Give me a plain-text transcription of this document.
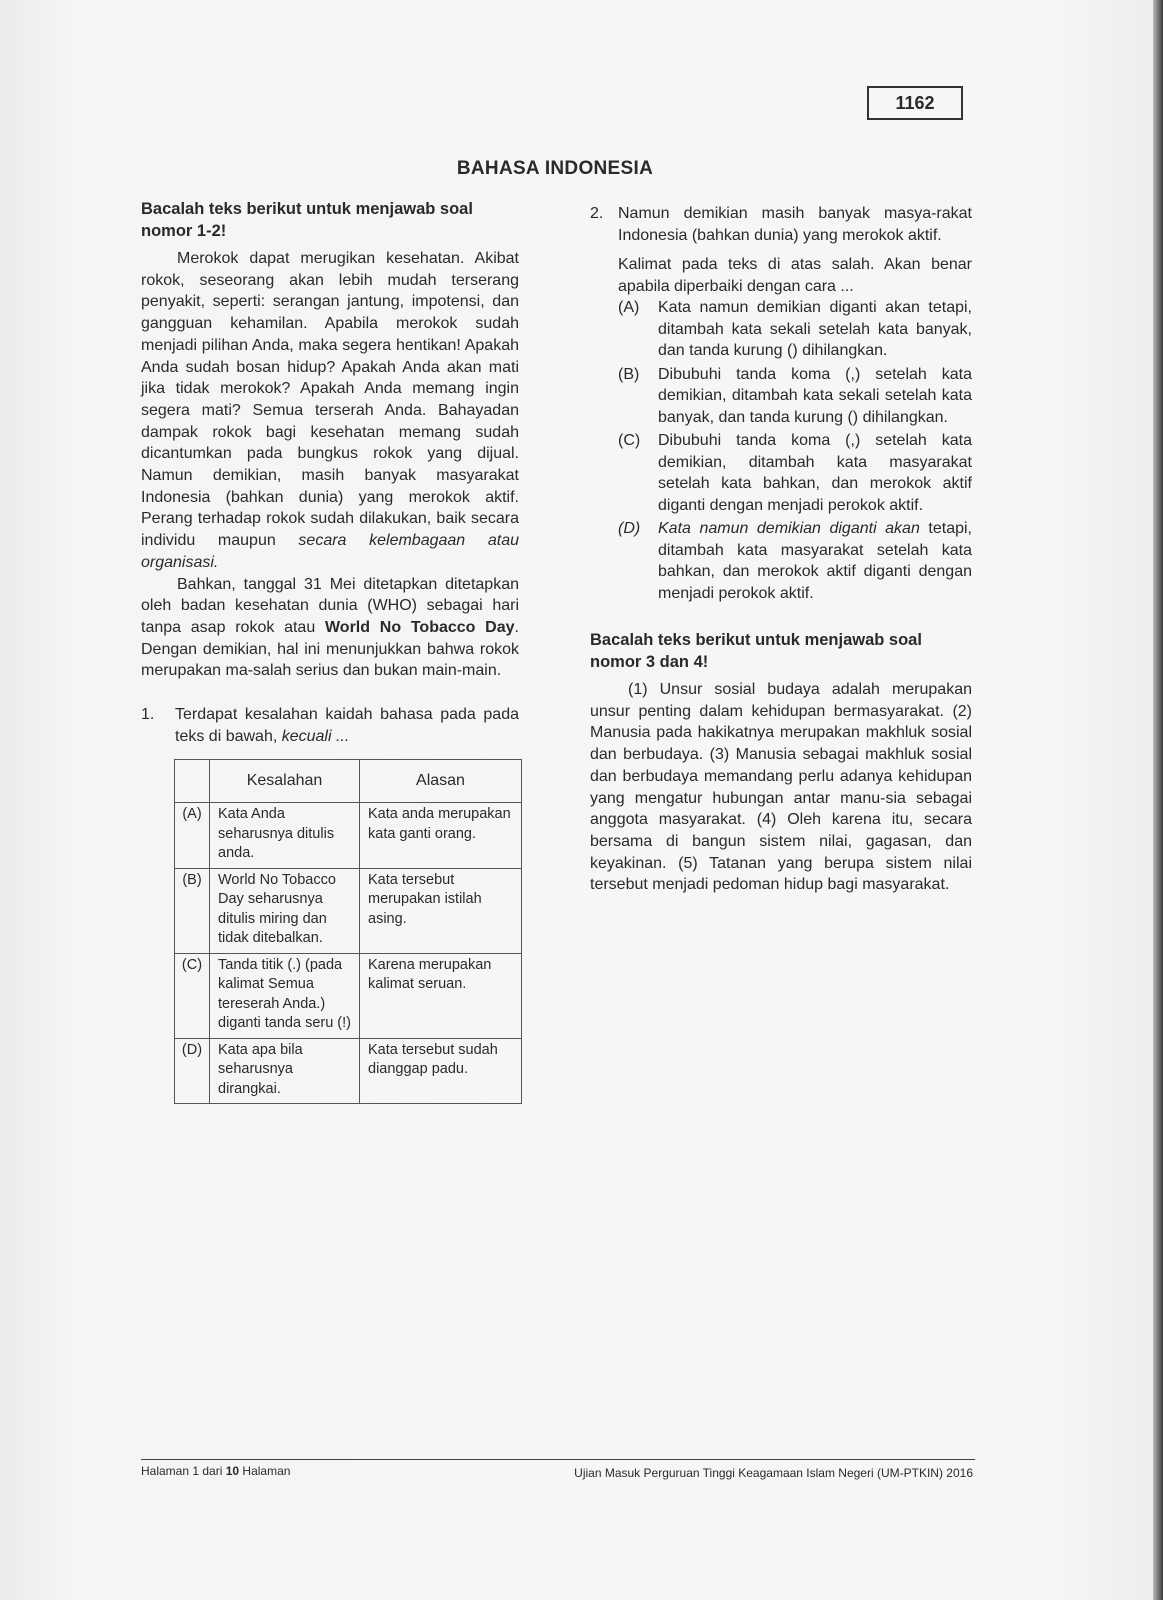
1162
BAHASA INDONESIA

Bacalah teks berikut untuk menjawab soal nomor 1-2!

Merokok dapat merugikan kesehatan. Akibat rokok, seseorang akan lebih mudah terserang penyakit, seperti: serangan jantung, impotensi, dan gangguan kehamilan. Apabila merokok sudah menjadi pilihan Anda, maka segera hentikan! Apakah Anda sudah bosan hidup? Apakah Anda akan mati jika tidak merokok? Apakah Anda memang ingin segera mati? Semua terserah Anda. Bahayadan dampak rokok bagi kesehatan memang sudah dicantumkan pada bungkus rokok yang dijual. Namun demikian, masih banyak masyarakat Indonesia (bahkan dunia) yang merokok aktif. Perang terhadap rokok sudah dilakukan, baik secara individu maupun secara kelembagaan atau organisasi.

Bahkan, tanggal 31 Mei ditetapkan ditetapkan oleh badan kesehatan dunia (WHO) sebagai hari tanpa asap rokok atau World No Tobacco Day. Dengan demikian, hal ini menunjukkan bahwa rokok merupakan ma-salah serius dan bukan main-main.

1.	Terdapat kesalahan kaidah bahasa pada pada teks di bawah, kecuali ...
	Kesalahan	Alasan
(A)	Kata Anda seharusnya ditulis anda.	Kata anda merupakan kata ganti orang.
(B)	World No Tobacco Day seharusnya ditulis miring dan tidak ditebalkan.	Kata tersebut merupakan istilah asing.
(C)	Tanda titik (.) (pada kalimat Semua tereserah Anda.) diganti tanda seru (!)	Karena merupakan kalimat seruan.
(D)	Kata apa bila seharusnya dirangkai.	Kata tersebut sudah dianggap padu.
2. Namun demikian masih banyak masya-rakat Indonesia (bahkan dunia) yang merokok aktif.

Kalimat pada teks di atas salah. Akan benar apabila diperbaiki dengan cara ...

(A)	Kata namun demikian diganti akan tetapi, ditambah kata sekali setelah kata banyak, dan tanda kurung () dihilangkan.
(B)	Dibubuhi tanda koma (,) setelah kata demikian, ditambah kata sekali setelah kata banyak, dan tanda kurung () dihilangkan.
(C)	Dibubuhi tanda koma (,) setelah kata demikian, ditambah kata masyarakat setelah kata bahkan, dan merokok aktif diganti dengan menjadi perokok aktif.
(D)	Kata namun demikian diganti akan tetapi, ditambah kata masyarakat setelah kata bahkan, dan merokok aktif diganti dengan menjadi perokok aktif.

Bacalah teks berikut untuk menjawab soal nomor 3 dan 4!

(1) Unsur sosial budaya adalah merupakan unsur penting dalam kehidupan bermasyarakat. (2) Manusia pada hakikatnya merupakan makhluk sosial dan berbudaya. (3) Manusia sebagai makhluk sosial dan berbudaya memandang perlu adanya kehidupan yang mengatur hubungan antar manu-sia sebagai anggota masyarakat. (4) Oleh karena itu, secara bersama di bangun sistem nilai, gagasan, dan keyakinan. (5) Tatanan yang berupa sistem nilai tersebut menjadi pedoman hidup bagi masyarakat.

Halaman 1 dari 10 Halaman	Ujian Masuk Perguruan Tinggi Keagamaan Islam Negeri (UM-PTKIN) 2016
